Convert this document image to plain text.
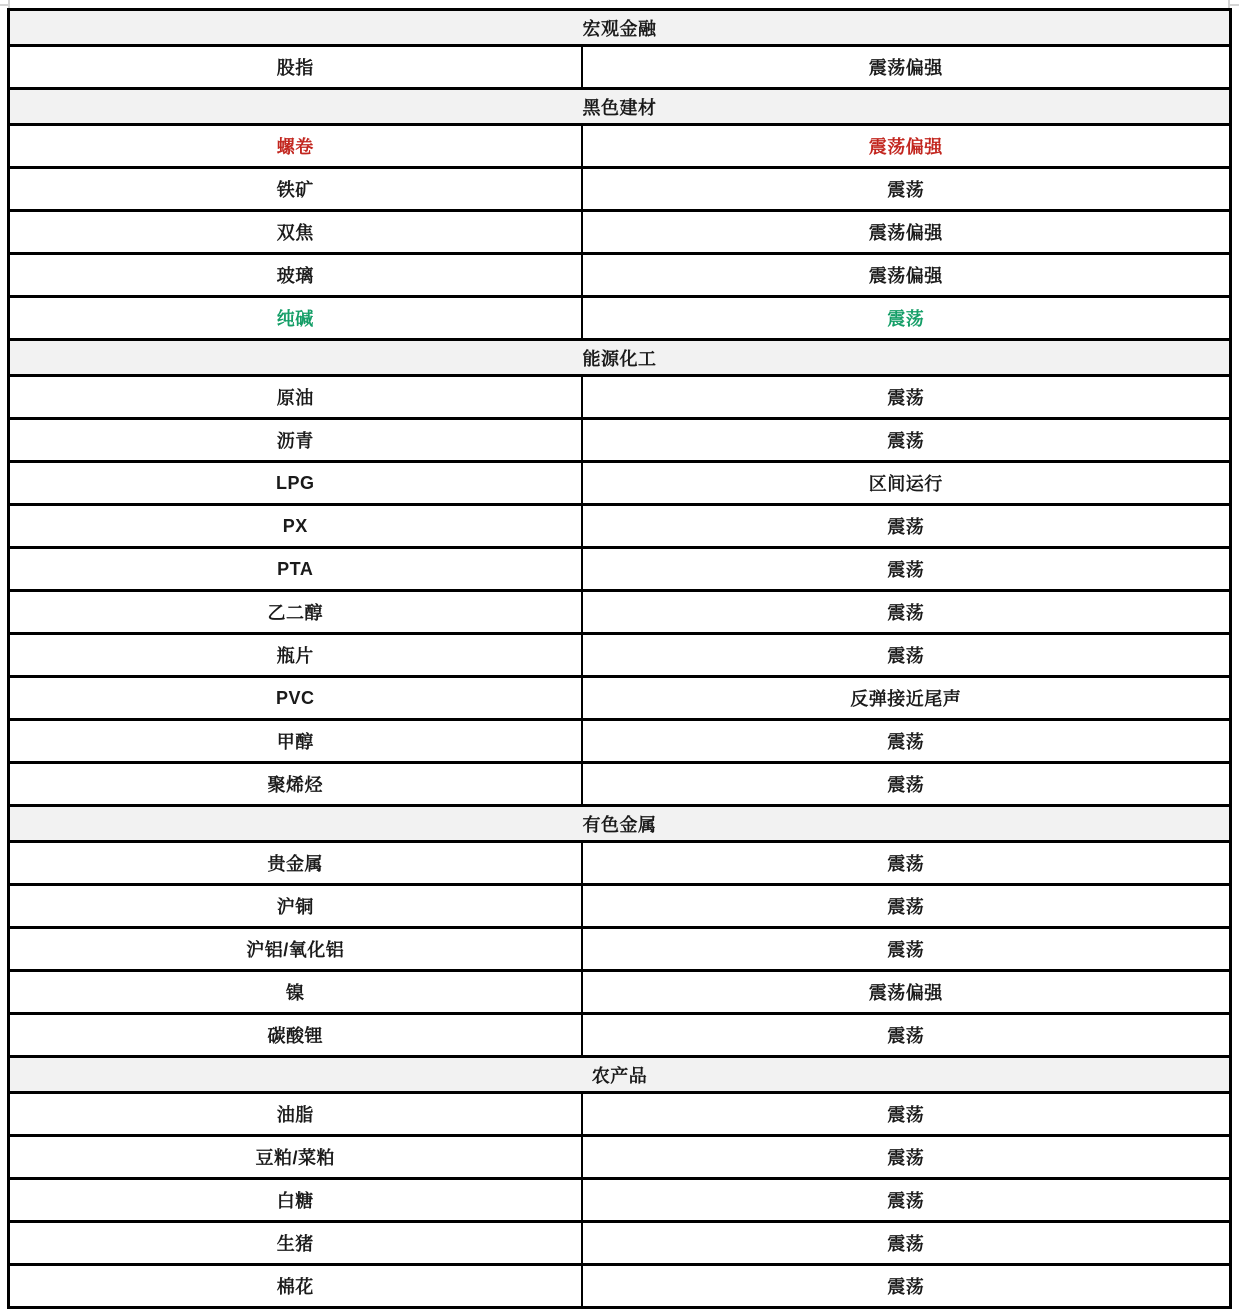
宏观金融	
股指	震荡偏强
黑色建材	
螺卷	震荡偏强
铁矿	震荡
双焦	震荡偏强
玻璃	震荡偏强
纯碱	震荡
能源化工	
原油	震荡
沥青	震荡
LPG	区间运行
PX	震荡
PTA	震荡
乙二醇	震荡
瓶片	震荡
PVC	反弹接近尾声
甲醇	震荡
聚烯烃	震荡
有色金属	
贵金属	震荡
沪铜	震荡
沪铝/氧化铝	震荡
镍	震荡偏强
碳酸锂	震荡
农产品	
油脂	震荡
豆粕/菜粕	震荡
白糖	震荡
生猪	震荡
棉花	震荡
